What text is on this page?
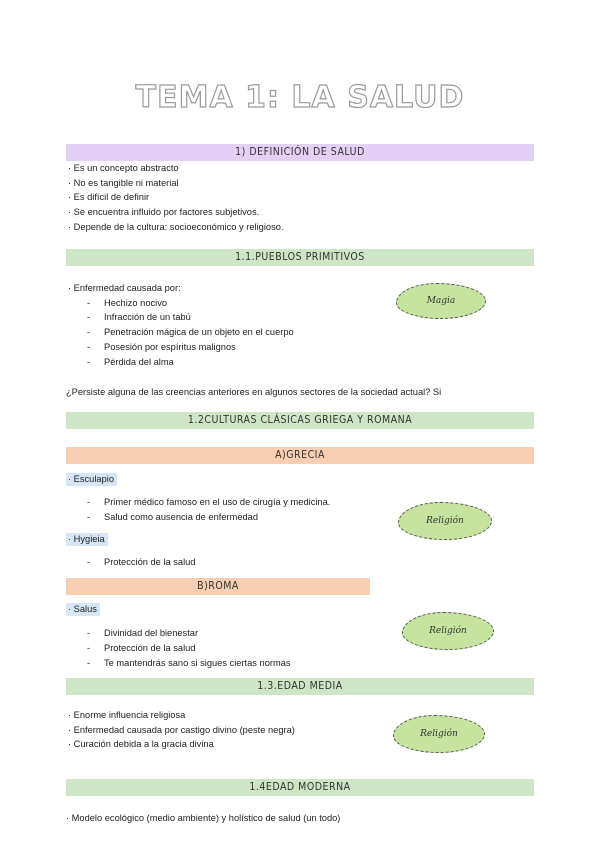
TEMA 1: LA SALUD
1) DEFINICIÓN DE SALUD
· Es un concepto abstracto
· No es tangible ni material
· Es difícil de definir
· Se encuentra influido por factores subjetivos.
· Depende de la cultura: socioeconómico y religioso.
1.1.PUEBLOS PRIMITIVOS
· Enfermedad causada por:
- Hechizo nocivo
- Infracción de un tabú
- Penetración mágica de un objeto en el cuerpo
- Posesión por espíritus malignos
- Pérdida del alma
Magia
¿Persiste alguna de las creencias anteriores en algunos sectores de la sociedad actual? Si
1.2CULTURAS CLÁSICAS GRIEGA Y ROMANA
A)GRECIA
· Esculapio
- Primer médico famoso en el uso de cirugía y medicina.
- Salud como ausencia de enfermedad	Religión
· Hygieia
- Protección de la salud
B)ROMA
· Salus
- Divinidad del bienestar
- Protección de la salud
- Te mantendrás sano si sigues ciertas normas
Religión
1.3.EDAD MEDIA
· Enorme influencia religiosa
· Enfermedad causada por castigo divino (peste negra)
· Curación debida a la gracia divina
Religión
1.4EDAD MODERNA
· Modelo ecológico (medio ambiente) y holístico de salud (un todo)
